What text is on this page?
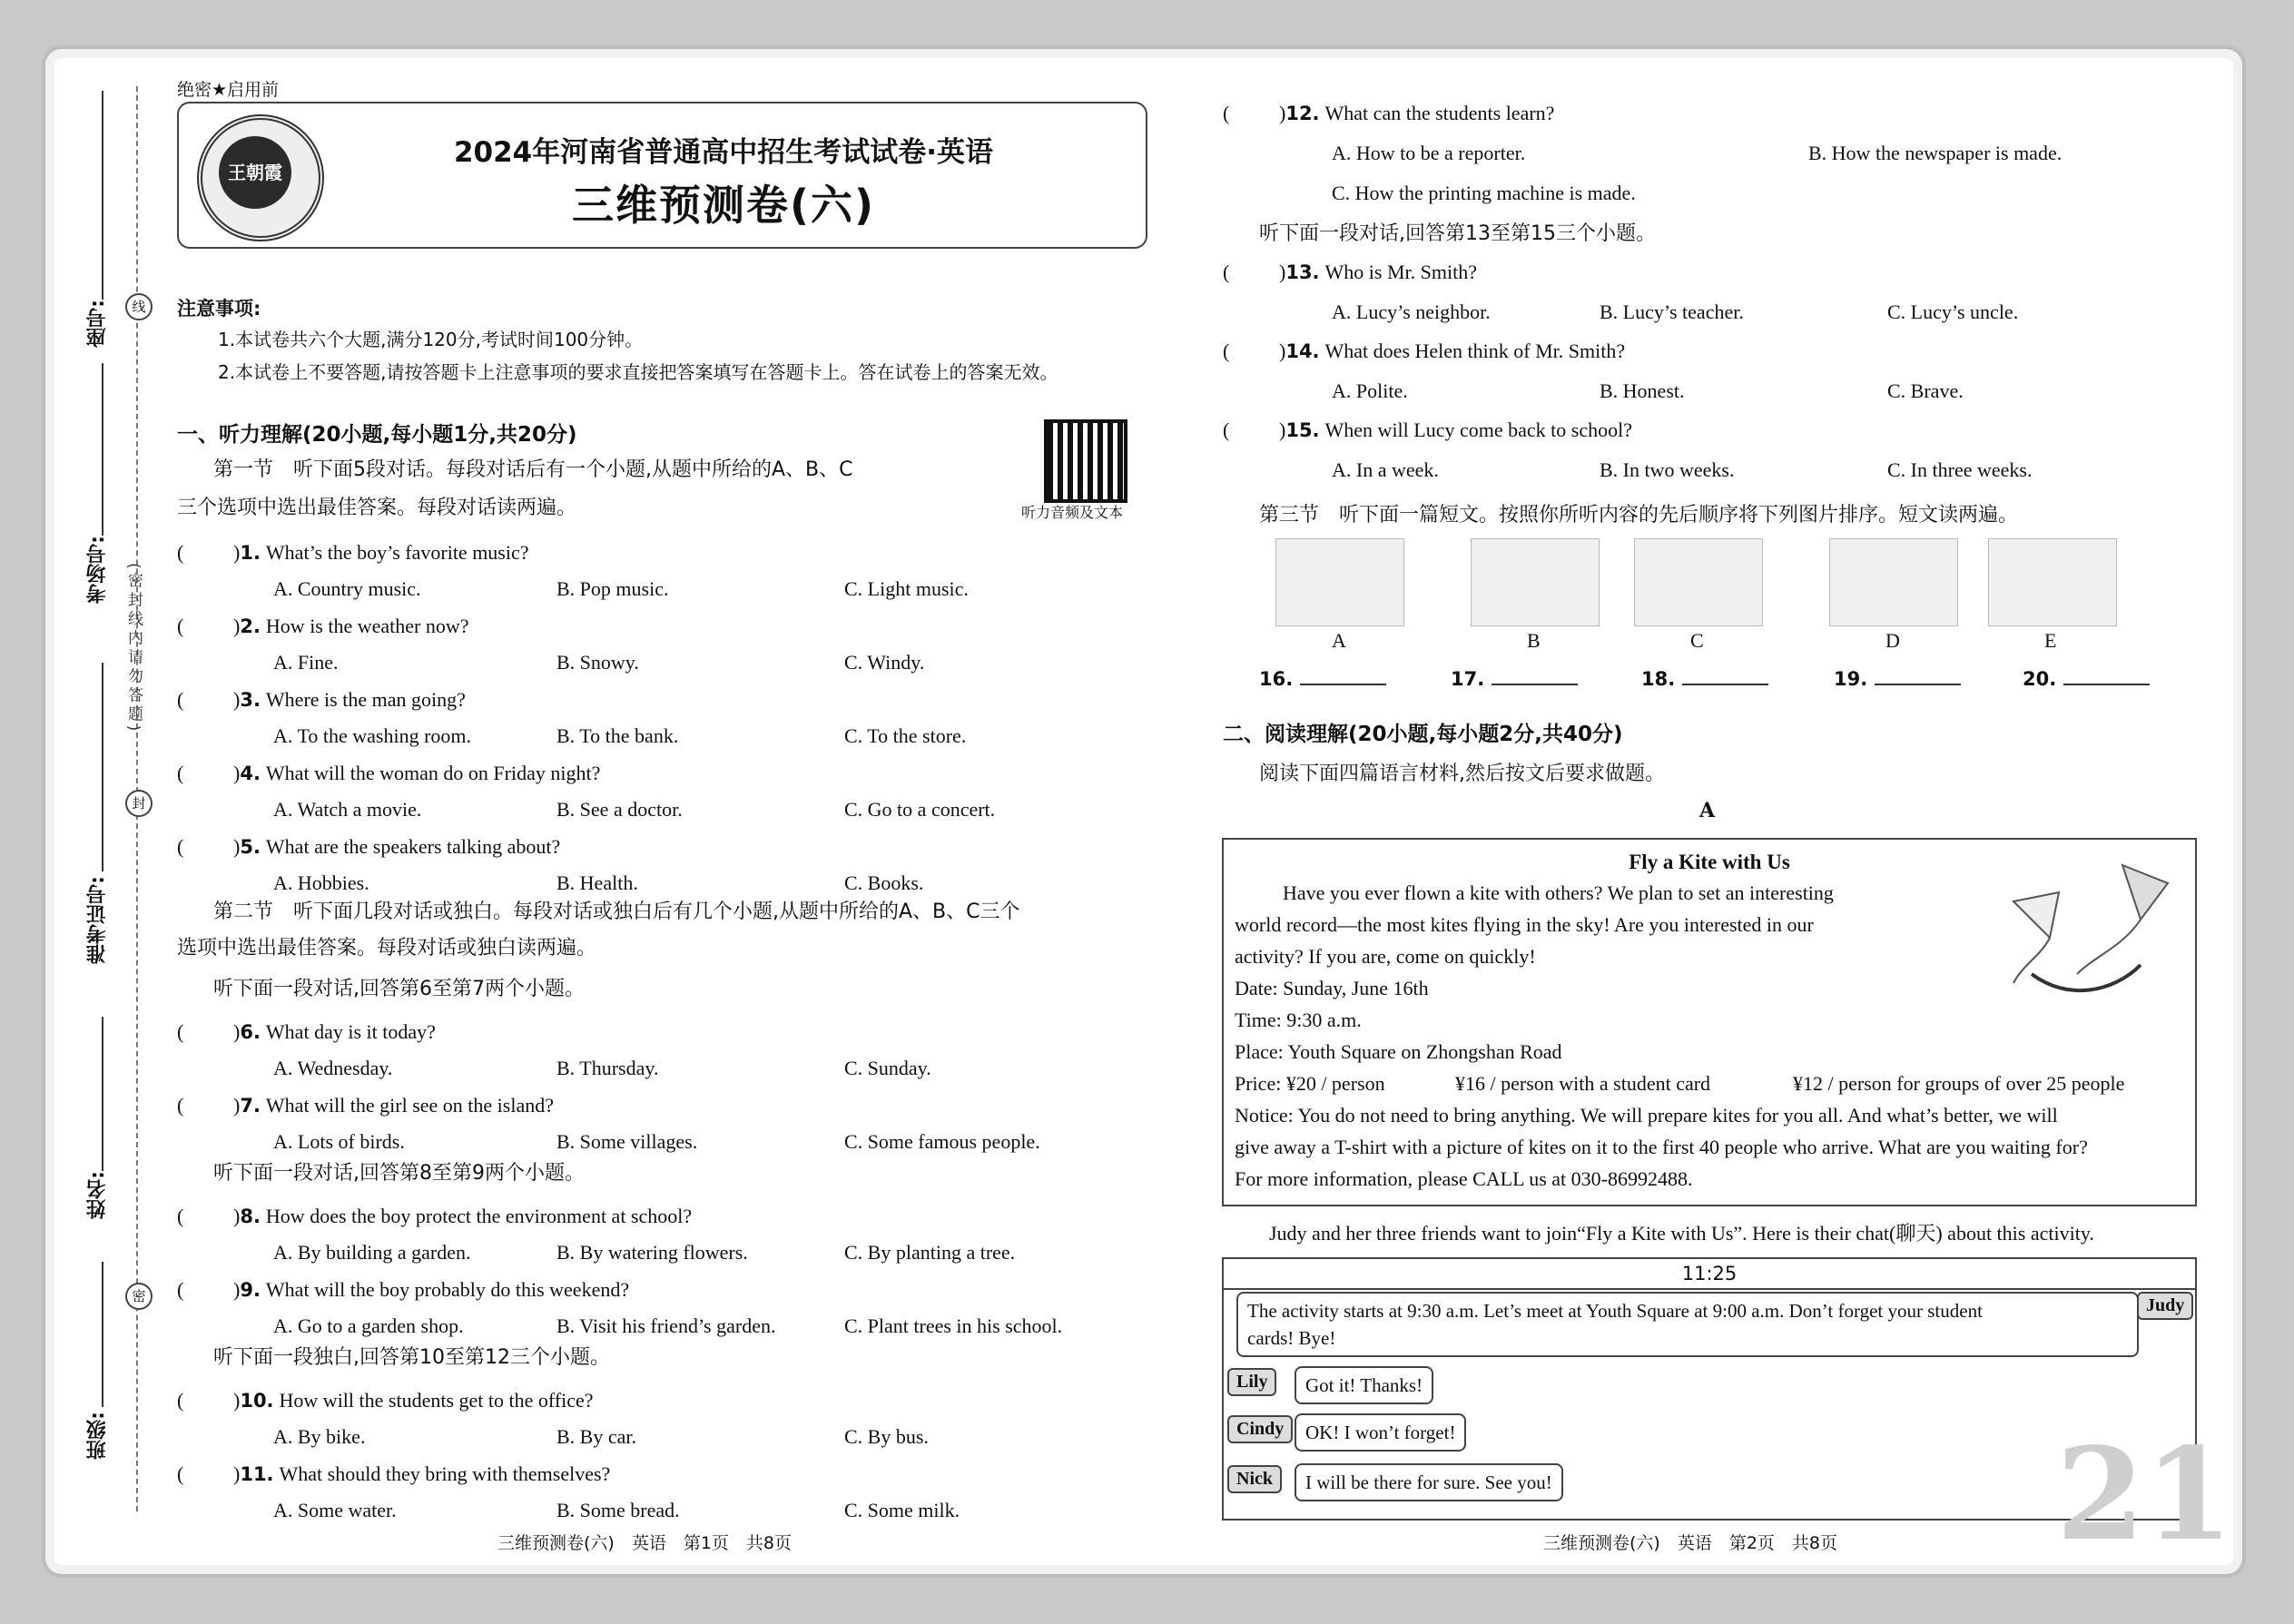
座号:
考场号:
准考证号:
姓名:
班级:
线
封
密
(密封线内请勿答题)
绝密★启用前
王朝霞
2024年河南省普通高中招生考试试卷·英语
三维预测卷(六)
注意事项:
1.本试卷共六个大题,满分120分,考试时间100分钟。
2.本试卷上不要答题,请按答题卡上注意事项的要求直接把答案填写在答题卡上。答在试卷上的答案无效。
一、听力理解(20小题,每小题1分,共20分)
第一节　听下面5段对话。每段对话后有一个小题,从题中所给的A、B、C
三个选项中选出最佳答案。每段对话读两遍。	听力音频及文本
( )1. What’s the boy’s favorite music?
A. Country music.	B. Pop music.	C. Light music.
( )2. How is the weather now?
A. Fine.	B. Snowy.	C. Windy.
( )3. Where is the man going?
A. To the washing room.	B. To the bank.	C. To the store.
( )4. What will the woman do on Friday night?
A. Watch a movie.	B. See a doctor.	C. Go to a concert.
( )5. What are the speakers talking about?
A. Hobbies.	B. Health.	C. Books.
( )6. What day is it today?
A. Wednesday.	B. Thursday.	C. Sunday.
( )7. What will the girl see on the island?
A. Lots of birds.	B. Some villages.	C. Some famous people.
( )8. How does the boy protect the environment at school?
A. By building a garden.	B. By watering flowers.	C. By planting a tree.
( )9. What will the boy probably do this weekend?
A. Go to a garden shop.	B. Visit his friend’s garden.	C. Plant trees in his school.
( )10. How will the students get to the office?
A. By bike.	B. By car.	C. By bus.
( )11. What should they bring with themselves?
A. Some water.	B. Some bread.	C. Some milk.
( )12. What can the students learn?
A. How to be a reporter.	B. How the newspaper is made.
C. How the printing machine is made.
( )13. Who is Mr. Smith?
A. Lucy’s neighbor.	B. Lucy’s teacher.	C. Lucy’s uncle.
( )14. What does Helen think of Mr. Smith?
A. Polite.	B. Honest.	C. Brave.
( )15. When will Lucy come back to school?
A. In a week.	B. In two weeks.	C. In three weeks.
第二节　听下面几段对话或独白。每段对话或独白后有几个小题,从题中所给的A、B、C三个
选项中选出最佳答案。每段对话或独白读两遍。
听下面一段对话,回答第6至第7两个小题。
听下面一段对话,回答第8至第9两个小题。
听下面一段独白,回答第10至第12三个小题。
三维预测卷(六)　英语　第1页　共8页
听下面一段对话,回答第13至第15三个小题。
第三节　听下面一篇短文。按照你所听内容的先后顺序将下列图片排序。短文读两遍。
A	B	C	D	E
16.	17.	18.	19.	20.
二、阅读理解(20小题,每小题2分,共40分)
阅读下面四篇语言材料,然后按文后要求做题。
A
Fly a Kite with Us
Have you ever flown a kite with others? We plan to set an interesting
world record—the most kites flying in the sky! Are you interested in our
activity? If you are, come on quickly!
Date: Sunday, June 16th
Time: 9:30 a.m.
Place: Youth Square on Zhongshan Road
Price: ¥20 / person	¥16 / person with a student card	¥12 / person for groups of over 25 people
Notice: You do not need to bring anything. We will prepare kites for you all. And what’s better, we will
give away a T-shirt with a picture of kites on it to the first 40 people who arrive. What are you waiting for?
For more information, please CALL us at 030-86992488.
Judy and her three friends want to join“Fly a Kite with Us”. Here is their chat(聊天) about this activity.
11:25
The activity starts at 9:30 a.m. Let’s meet at Youth Square at 9:00 a.m. Don’t forget your student
cards! Bye!
Judy
Lily	Got it! Thanks!
Cindy	OK! I won’t forget!
Nick	I will be there for sure. See you!	21
三维预测卷(六)　英语　第2页　共8页
